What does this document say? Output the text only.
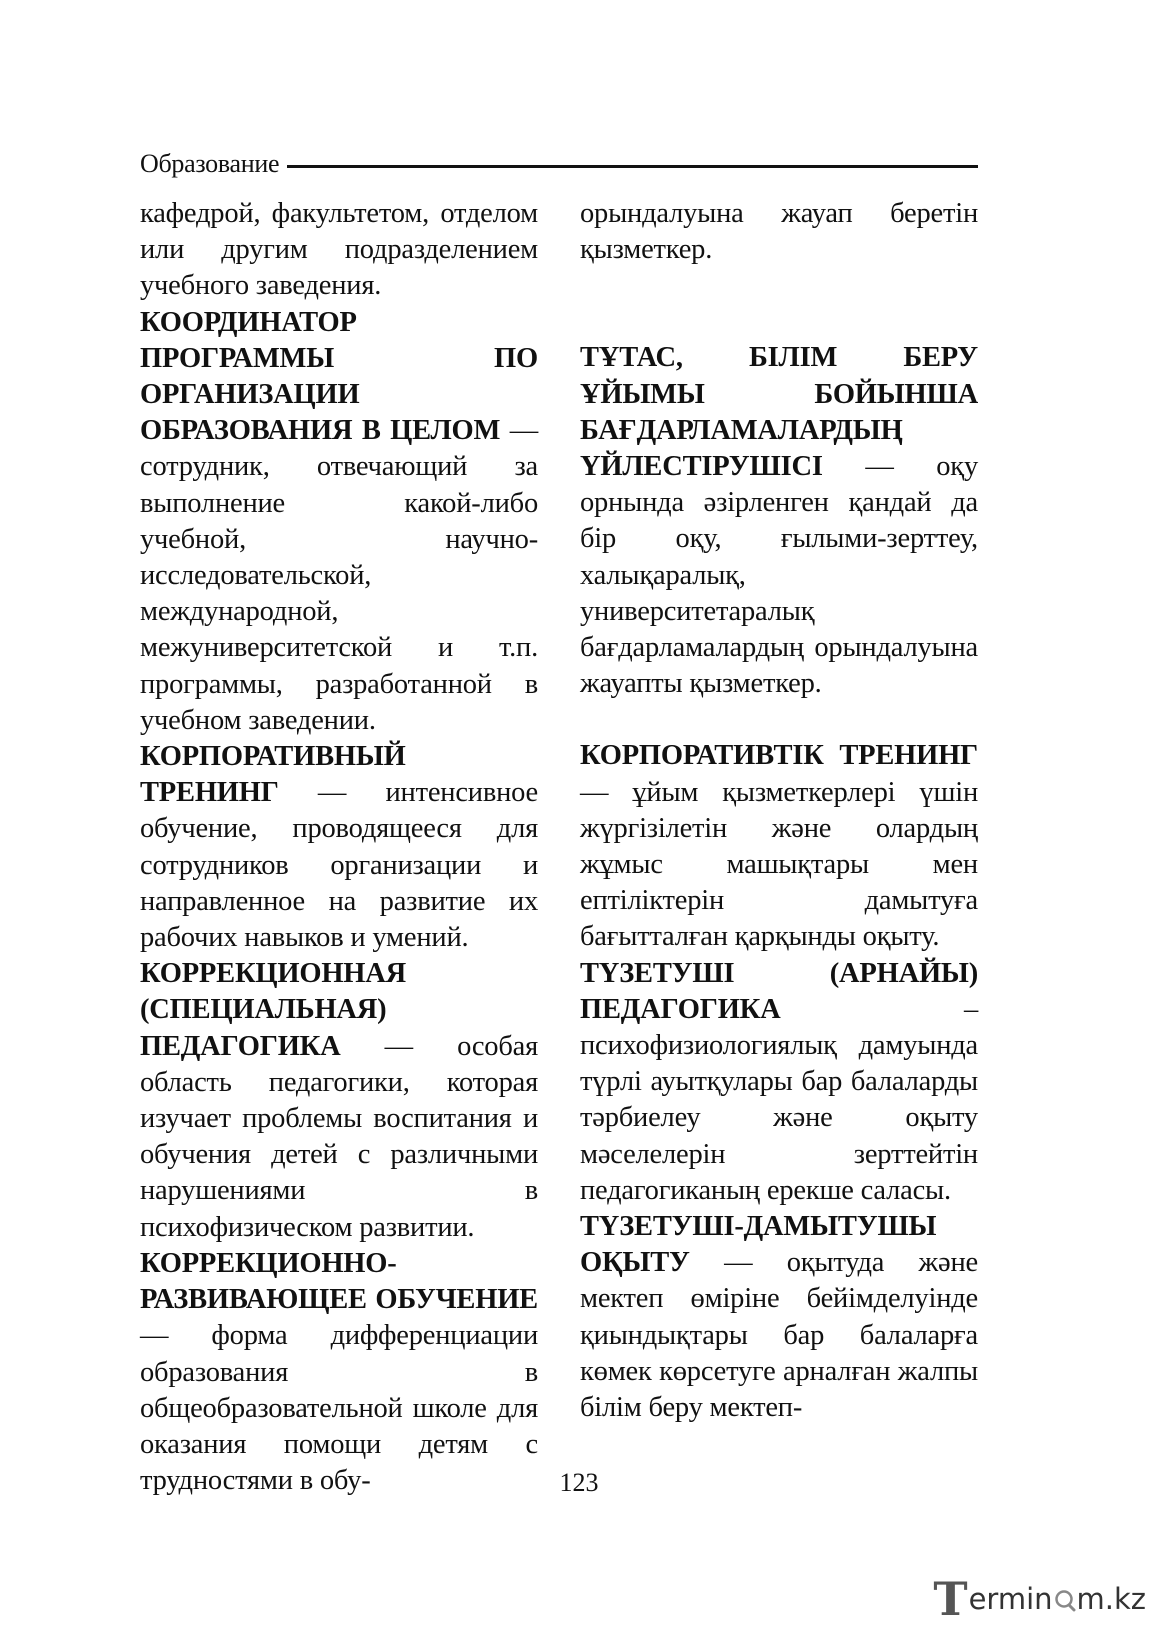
Образование

кафедрой, факультетом, отделом или другим подразделением учебного заведения.

КООРДИНАТОР ПРОГРАММЫ ПО ОРГАНИЗАЦИИ ОБРАЗОВАНИЯ В ЦЕЛОМ — сотрудник, отвечающий за выполнение какой-либо учебной, научно-исследовательской, международной, межуниверситетской и т.п. программы, разработанной в учебном заведении.

КОРПОРАТИВНЫЙ ТРЕНИНГ — интенсивное обучение, проводящееся для сотрудников организации и направленное на развитие их рабочих навыков и умений.

КОРРЕКЦИОННАЯ (СПЕЦИАЛЬНАЯ) ПЕДАГОГИКА — особая область педагогики, которая изучает проблемы воспитания и обучения детей с различными нарушениями в психофизическом развитии.

КОРРЕКЦИОННО-РАЗВИВАЮЩЕЕ ОБУЧЕНИЕ — форма дифференциации образования в общеобразовательной школе для оказания помощи детям с трудностями в обу-

орындалуына жауап беретін қызметкер.

ТҰТАС, БІЛІМ БЕРУ ҰЙЫМЫ БОЙЫНША БАҒДАРЛАМАЛАРДЫҢ ҮЙЛЕСТІРУШІСІ — оқу орнында әзірленген қандай да бір оқу, ғылыми-зерттеу, халықаралық, университетаралық бағдарламалардың орындалуына жауапты қызметкер.

КОРПОРАТИВТІК ТРЕНИНГ — ұйым қызметкерлері үшін жүргізілетін және олардың жұмыс машықтары мен ептіліктерін дамытуға бағытталған қарқынды оқыту.

ТҮЗЕТУШІ (АРНАЙЫ) ПЕДАГОГИКА – психофизиологиялық дамуында түрлі ауытқулары бар балаларды тәрбиелеу және оқыту мәселелерін зерттейтін педагогиканың ерекше саласы.

ТҮЗЕТУШІ-ДАМЫТУШЫ ОҚЫТУ — оқытуда және мектеп өміріне бейімделуінде қиындықтары бар балаларға көмек көрсетуге арналған жалпы білім беру мектеп-

123
T ermin m.kz
